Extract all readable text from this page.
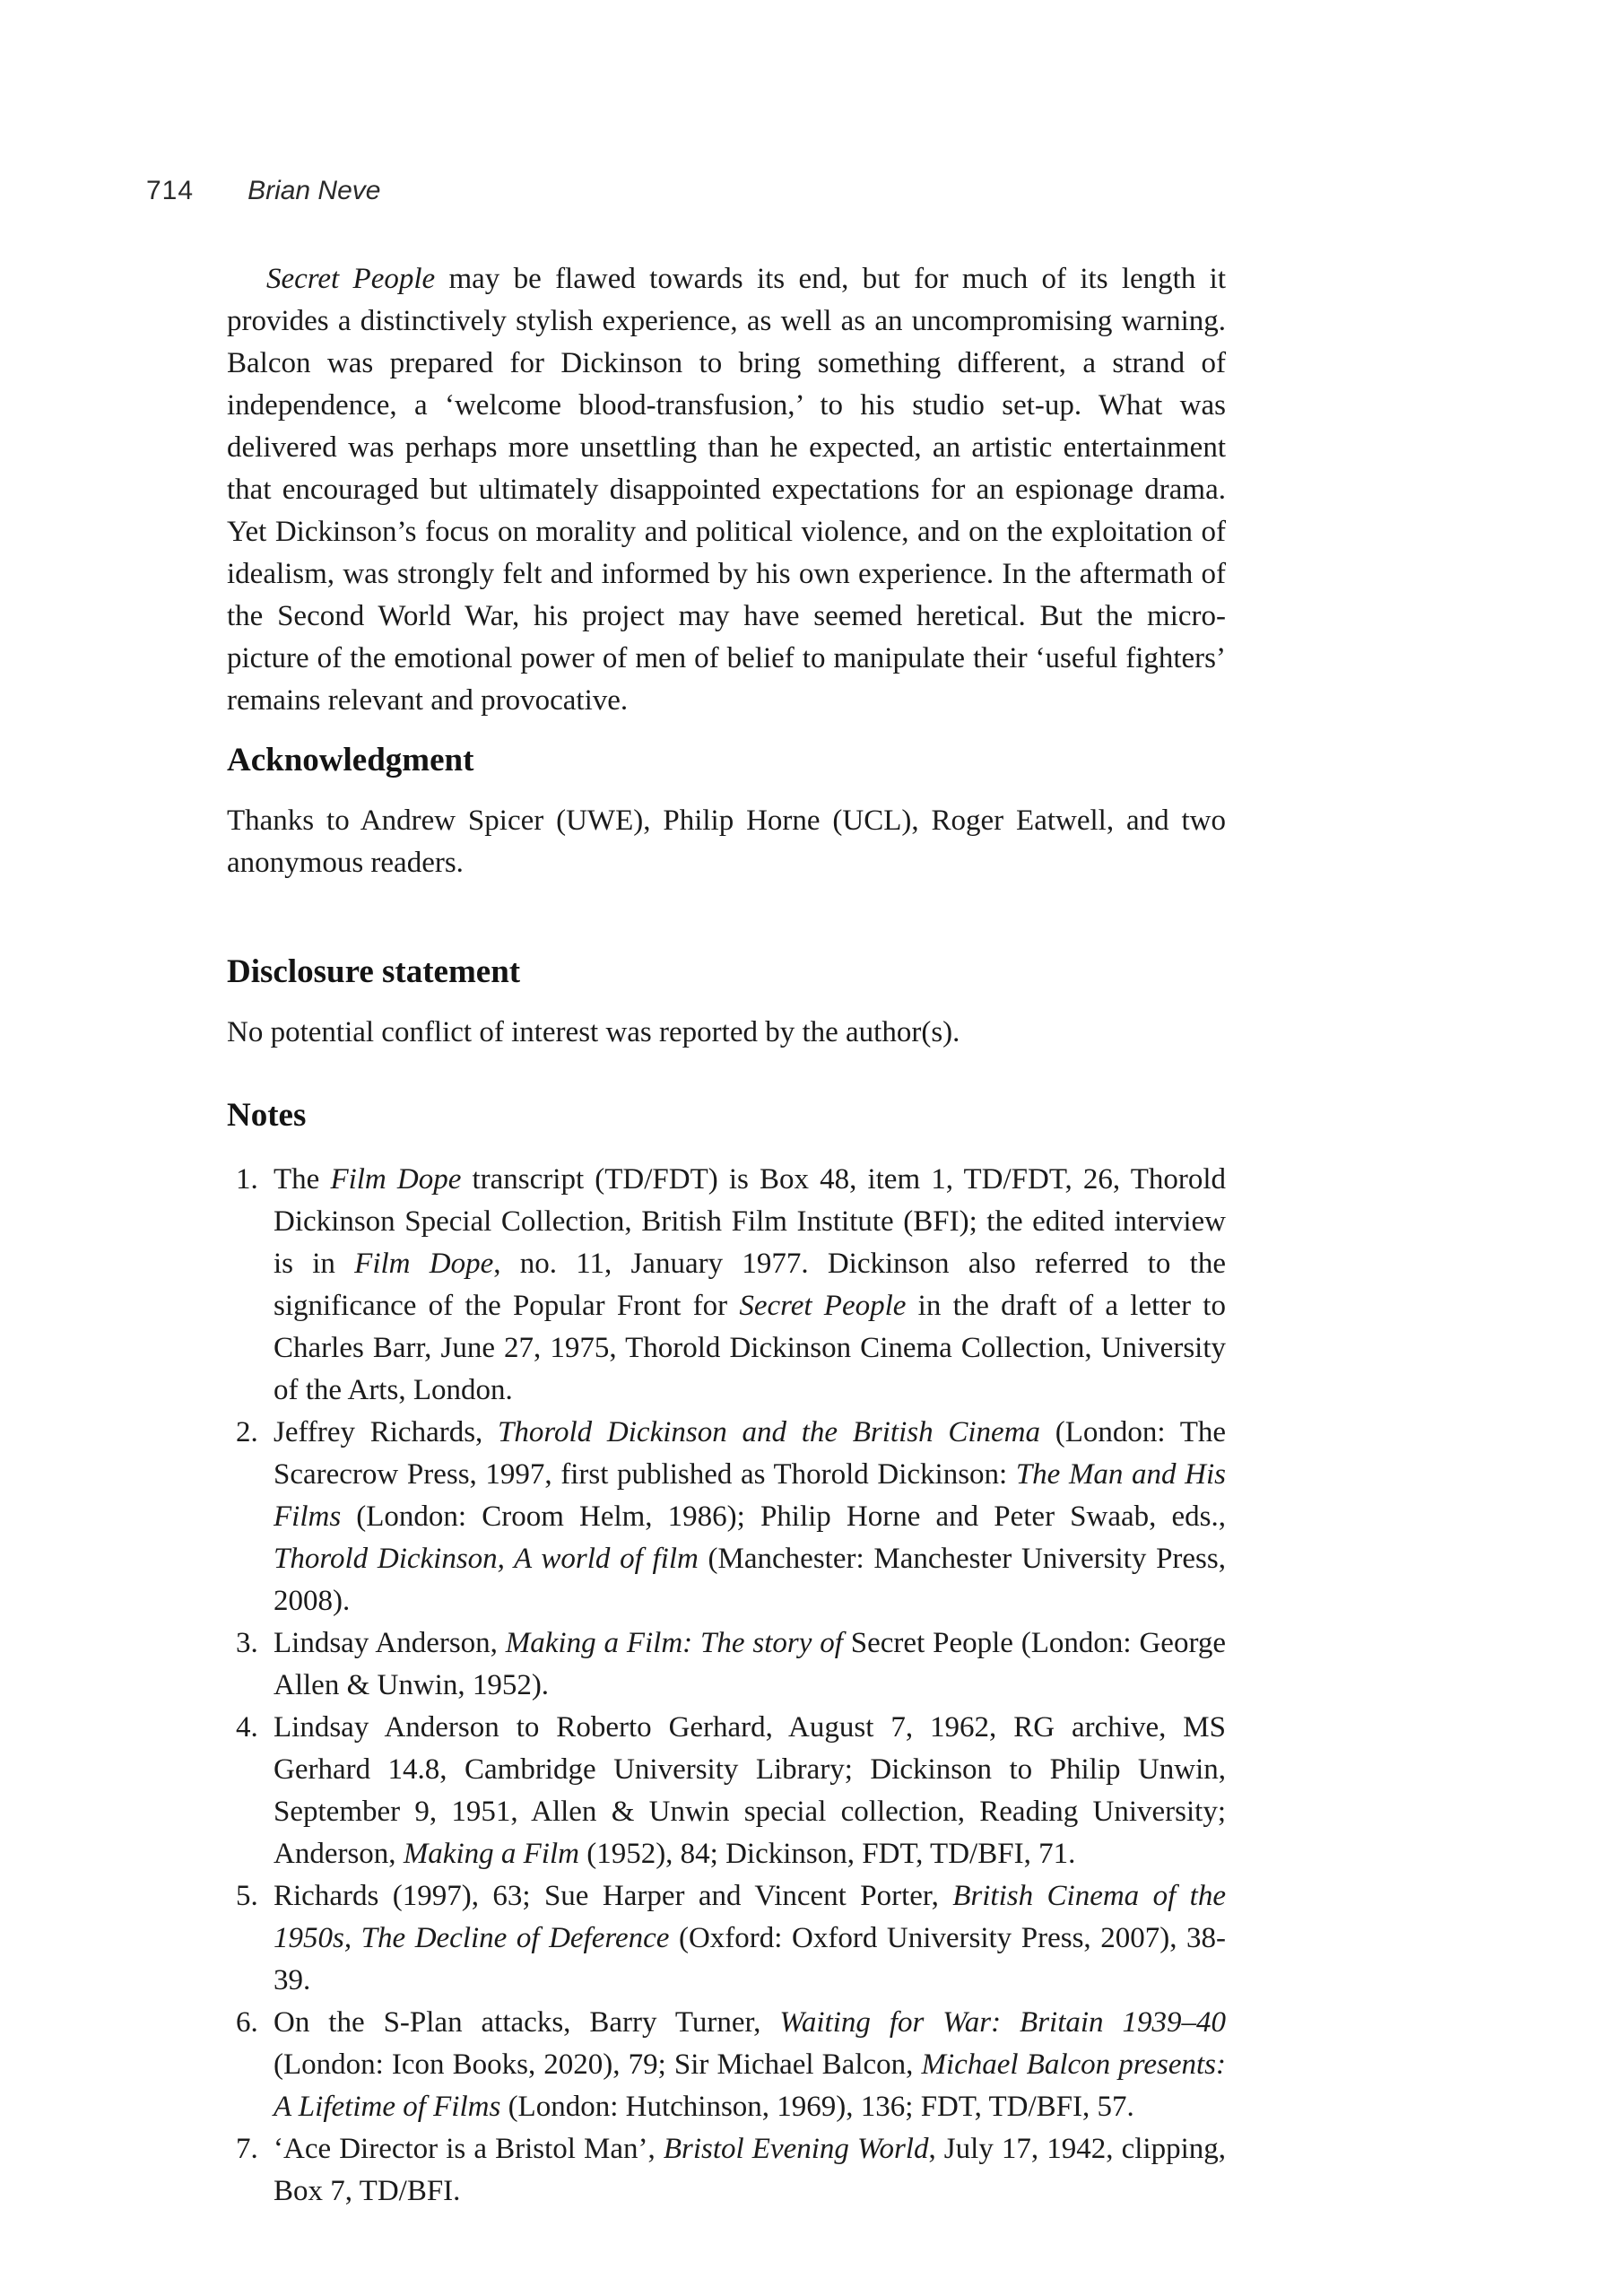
714 Brian Neve

Secret People may be flawed towards its end, but for much of its length it provides a distinctively stylish experience, as well as an uncompromising warning. Balcon was prepared for Dickinson to bring something different, a strand of independence, a ‘welcome blood-transfusion,’ to his studio set-up. What was delivered was perhaps more unsettling than he expected, an artistic entertainment that encouraged but ultimately disappointed expectations for an espionage drama. Yet Dickinson’s focus on morality and political violence, and on the exploitation of idealism, was strongly felt and informed by his own experience. In the aftermath of the Second World War, his project may have seemed heretical. But the micro-picture of the emotional power of men of belief to manipulate their ‘useful fighters’ remains relevant and provocative.

Acknowledgment

Thanks to Andrew Spicer (UWE), Philip Horne (UCL), Roger Eatwell, and two anonymous readers.

Disclosure statement

No potential conflict of interest was reported by the author(s).

Notes
1. The Film Dope transcript (TD/FDT) is Box 48, item 1, TD/FDT, 26, Thorold Dickinson Special Collection, British Film Institute (BFI); the edited interview is in Film Dope, no. 11, January 1977. Dickinson also referred to the significance of the Popular Front for Secret People in the draft of a letter to Charles Barr, June 27, 1975, Thorold Dickinson Cinema Collection, University of the Arts, London.
2. Jeffrey Richards, Thorold Dickinson and the British Cinema (London: The Scarecrow Press, 1997, first published as Thorold Dickinson: The Man and His Films (London: Croom Helm, 1986); Philip Horne and Peter Swaab, eds., Thorold Dickinson, A world of film (Manchester: Manchester University Press, 2008).
3. Lindsay Anderson, Making a Film: The story of Secret People (London: George Allen & Unwin, 1952).
4. Lindsay Anderson to Roberto Gerhard, August 7, 1962, RG archive, MS Gerhard 14.8, Cambridge University Library; Dickinson to Philip Unwin, September 9, 1951, Allen & Unwin special collection, Reading University; Anderson, Making a Film (1952), 84; Dickinson, FDT, TD/BFI, 71.
5. Richards (1997), 63; Sue Harper and Vincent Porter, British Cinema of the 1950s, The Decline of Deference (Oxford: Oxford University Press, 2007), 38-39.
6. On the S-Plan attacks, Barry Turner, Waiting for War: Britain 1939–40 (London: Icon Books, 2020), 79; Sir Michael Balcon, Michael Balcon presents: A Lifetime of Films (London: Hutchinson, 1969), 136; FDT, TD/BFI, 57.
7. ‘Ace Director is a Bristol Man’, Bristol Evening World, July 17, 1942, clipping, Box 7, TD/BFI.
